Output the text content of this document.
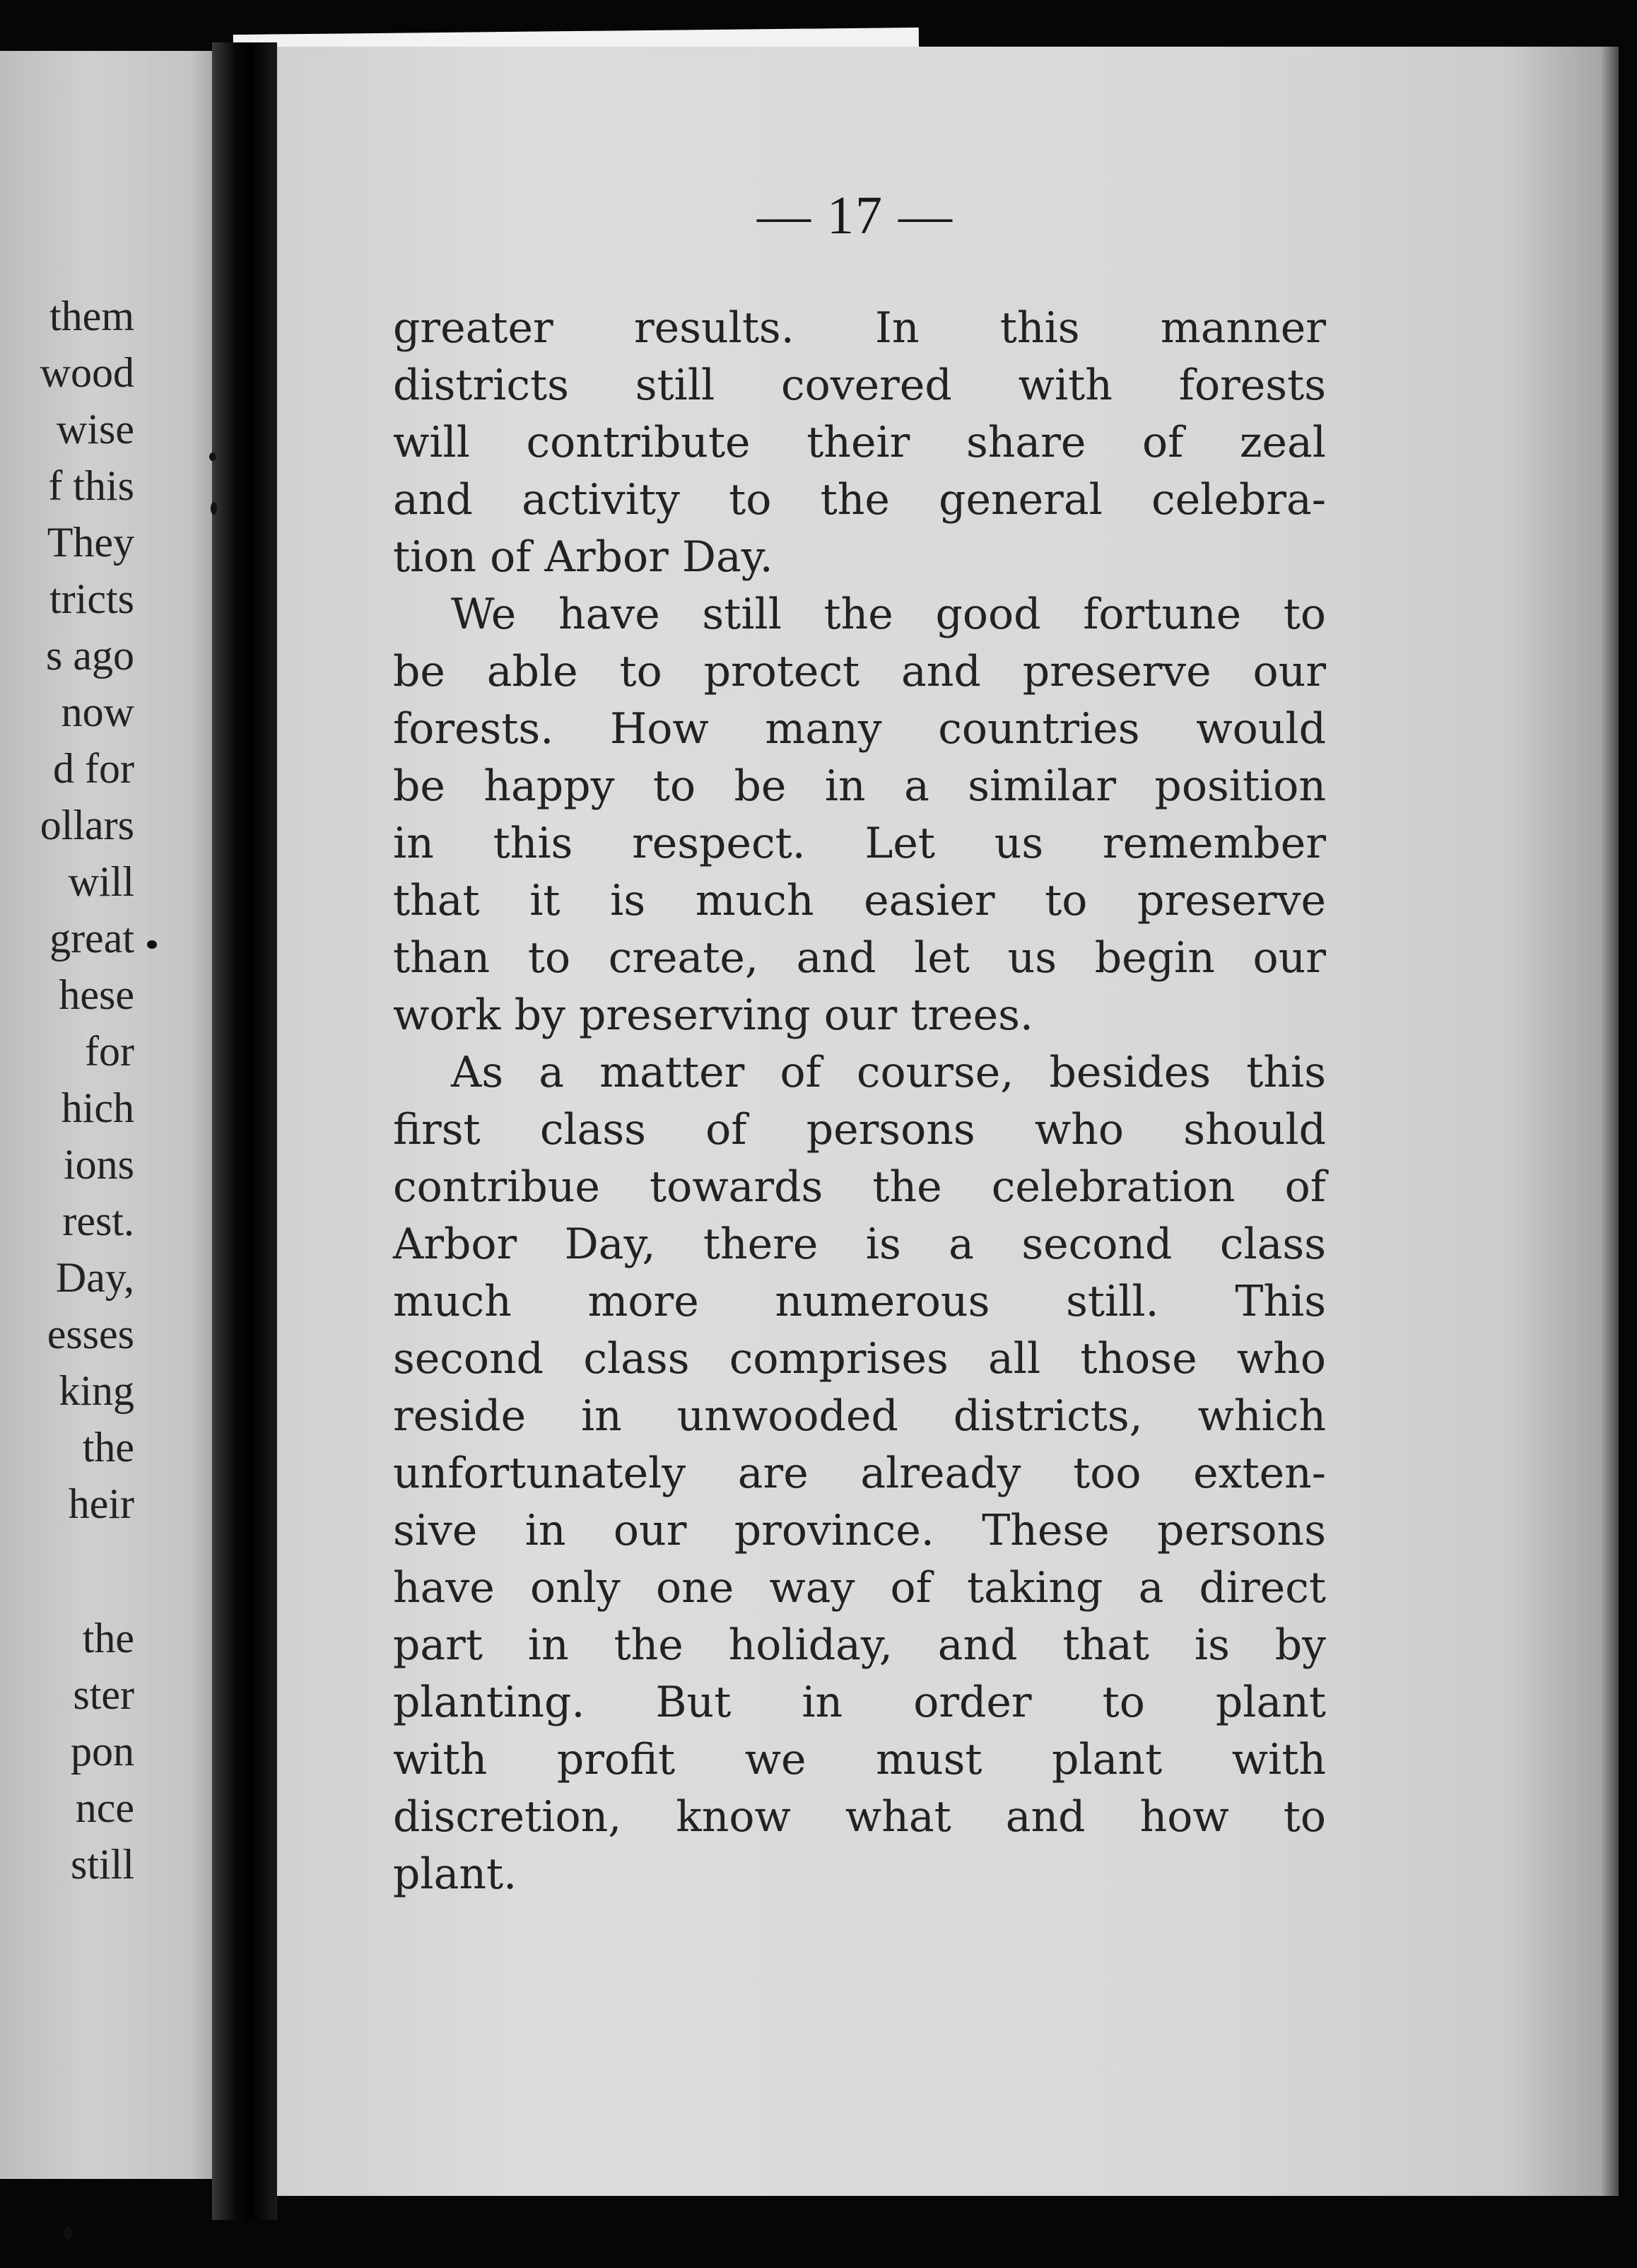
them
wood
wise
f this
They
tricts
s ago
now
d for
ollars
will
great
hese
for
hich
ions
rest.
Day,
esses
king
the
heir
the
ster
pon
nce
still
— 17 —
greater results. In this manner
districts still covered with forests
will contribute their share of zeal
and activity to the general celebra-
tion of Arbor Day.
We have still the good fortune to
be able to protect and preserve our
forests. How many countries would
be happy to be in a similar position
in this respect. Let us remember
that it is much easier to preserve
than to create, and let us begin our
work by preserving our trees.
As a matter of course, besides this
first class of persons who should
contribue towards the celebration of
Arbor Day, there is a second class
much more numerous still. This
second class comprises all those who
reside in unwooded districts, which
unfortunately are already too exten-
sive in our province. These persons
have only one way of taking a direct
part in the holiday, and that is by
planting. But in order to plant
with profit we must plant with
discretion, know what and how to
plant.
